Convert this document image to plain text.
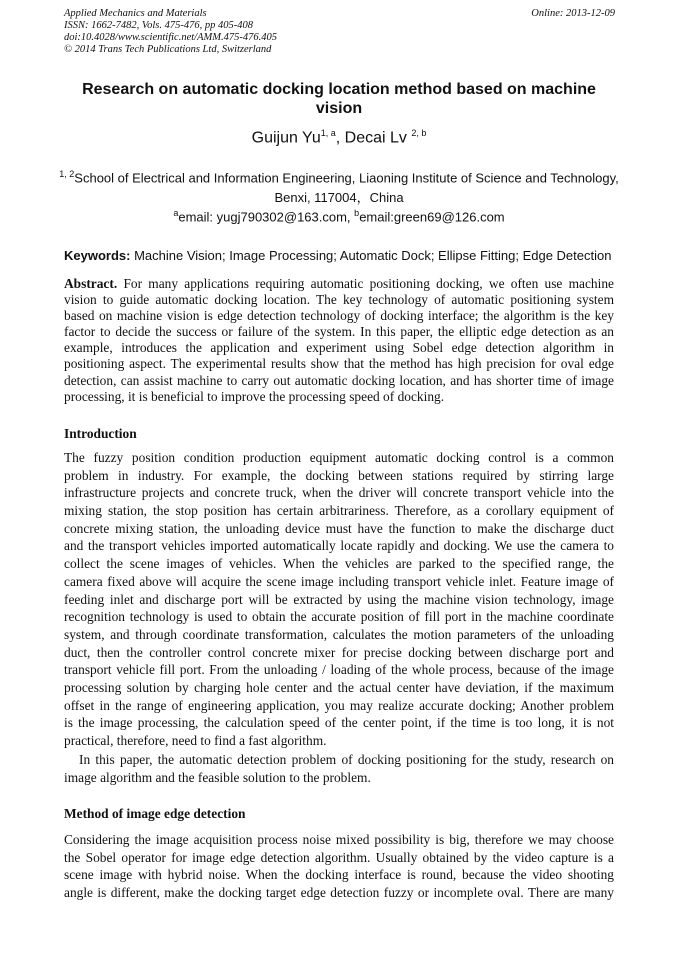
Applied Mechanics and Materials
ISSN: 1662-7482, Vols. 475-476, pp 405-408
doi:10.4028/www.scientific.net/AMM.475-476.405
© 2014 Trans Tech Publications Ltd, Switzerland
Online: 2013-12-09
Research on automatic docking location method based on machine
vision
Guijun Yu$^{1, a}$, Decai Lv $^{2, b}$
$^{1, 2}$School of Electrical and Information Engineering, Liaoning Institute of Science and Technology,
Benxi, 117004，China
$^a$email: yugj790302@163.com, $^b$email:green69@126.com
Keywords: Machine Vision; Image Processing; Automatic Dock; Ellipse Fitting; Edge Detection
Abstract. For many applications requiring automatic positioning docking, we often use machine
vision to guide automatic docking location. The key technology of automatic positioning system
based on machine vision is edge detection technology of docking interface; the algorithm is the key
factor to decide the success or failure of the system. In this paper, the elliptic edge detection as an
example, introduces the application and experiment using Sobel edge detection algorithm in
positioning aspect. The experimental results show that the method has high precision for oval edge
detection, can assist machine to carry out automatic docking location, and has shorter time of image
processing, it is beneficial to improve the processing speed of docking.
Introduction
The fuzzy position condition production equipment automatic docking control is a common
problem in industry. For example, the docking between stations required by stirring large
infrastructure projects and concrete truck, when the driver will concrete transport vehicle into the
mixing station, the stop position has certain arbitrariness. Therefore, as a corollary equipment of
concrete mixing station, the unloading device must have the function to make the discharge duct
and the transport vehicles imported automatically locate rapidly and docking. We use the camera to
collect the scene images of vehicles. When the vehicles are parked to the specified range, the
camera fixed above will acquire the scene image including transport vehicle inlet. Feature image of
feeding inlet and discharge port will be extracted by using the machine vision technology, image
recognition technology is used to obtain the accurate position of fill port in the machine coordinate
system, and through coordinate transformation, calculates the motion parameters of the unloading
duct, then the controller control concrete mixer for precise docking between discharge port and
transport vehicle fill port. From the unloading / loading of the whole process, because of the image
processing solution by charging hole center and the actual center have deviation, if the maximum
offset in the range of engineering application, you may realize accurate docking; Another problem
is the image processing, the calculation speed of the center point, if the time is too long, it is not
practical, therefore, need to find a fast algorithm.
In this paper, the automatic detection problem of docking positioning for the study, research on
image algorithm and the feasible solution to the problem.
Method of image edge detection
Considering the image acquisition process noise mixed possibility is big, therefore we may choose
the Sobel operator for image edge detection algorithm. Usually obtained by the video capture is a
scene image with hybrid noise. When the docking interface is round, because the video shooting
angle is different, make the docking target edge detection fuzzy or incomplete oval. There are many
